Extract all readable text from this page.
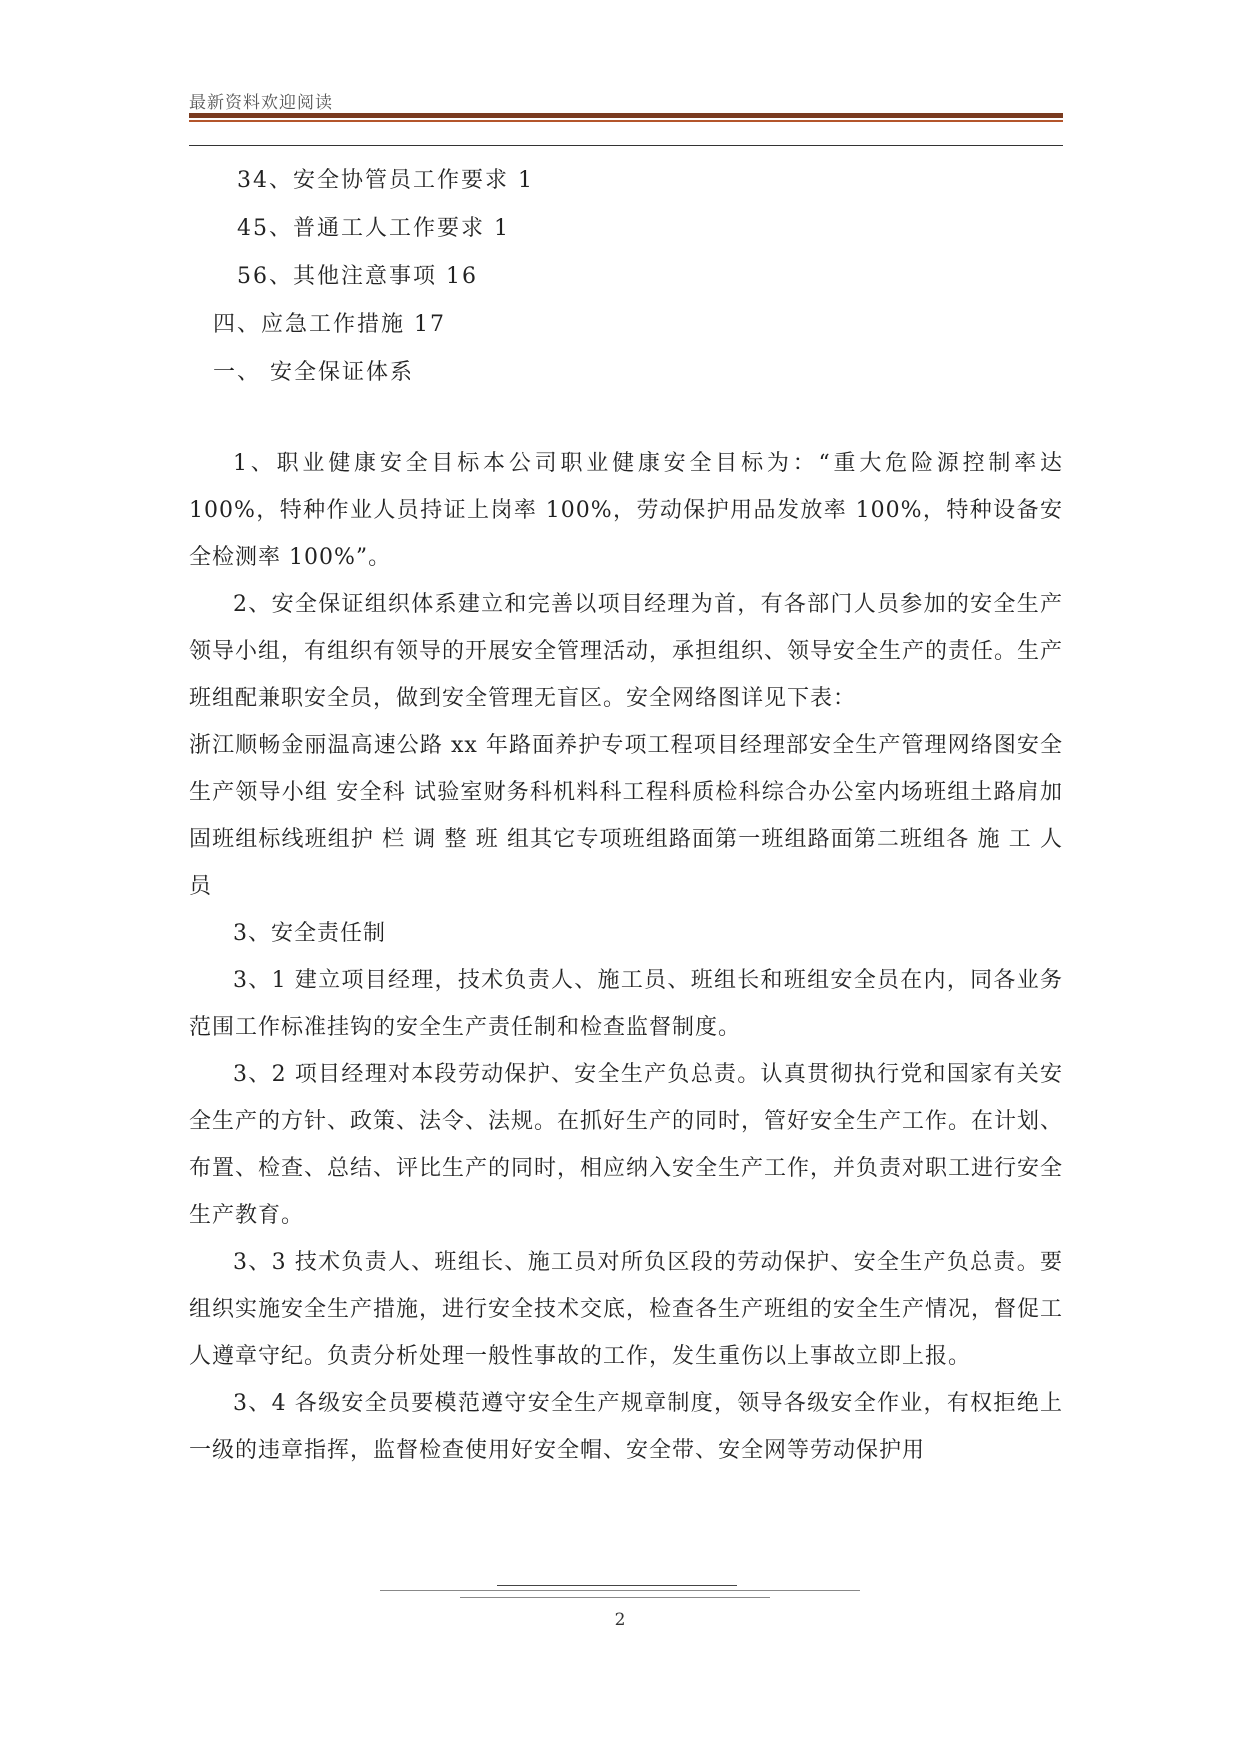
最新资料欢迎阅读
34、安全协管员工作要求 1
45、普通工人工作要求 1
56、其他注意事项 16
四、应急工作措施 17
一、 安全保证体系

1、职业健康安全目标本公司职业健康安全目标为：“重大危险源控制率达 100%，特种作业人员持证上岗率 100%，劳动保护用品发放率 100%，特种设备安全检测率 100%”。

2、安全保证组织体系建立和完善以项目经理为首，有各部门人员参加的安全生产领导小组，有组织有领导的开展安全管理活动，承担组织、领导安全生产的责任。生产班组配兼职安全员，做到安全管理无盲区。安全网络图详见下表：

浙江顺畅金丽温高速公路 xx 年路面养护专项工程项目经理部安全生产管理网络图安全生产领导小组 安全科 试验室财务科机料科工程科质检科综合办公室内场班组土路肩加固班组标线班组护 栏 调 整 班 组其它专项班组路面第一班组路面第二班组各 施 工 人 员

3、安全责任制

3、1 建立项目经理，技术负责人、施工员、班组长和班组安全员在内，同各业务范围工作标准挂钩的安全生产责任制和检查监督制度。

3、2 项目经理对本段劳动保护、安全生产负总责。认真贯彻执行党和国家有关安全生产的方针、政策、法令、法规。在抓好生产的同时，管好安全生产工作。在计划、布置、检查、总结、评比生产的同时，相应纳入安全生产工作，并负责对职工进行安全生产教育。

3、3 技术负责人、班组长、施工员对所负区段的劳动保护、安全生产负总责。要组织实施安全生产措施，进行安全技术交底，检查各生产班组的安全生产情况，督促工人遵章守纪。负责分析处理一般性事故的工作，发生重伤以上事故立即上报。

3、4 各级安全员要模范遵守安全生产规章制度，领导各级安全作业，有权拒绝上一级的违章指挥，监督检查使用好安全帽、安全带、安全网等劳动保护用

2
